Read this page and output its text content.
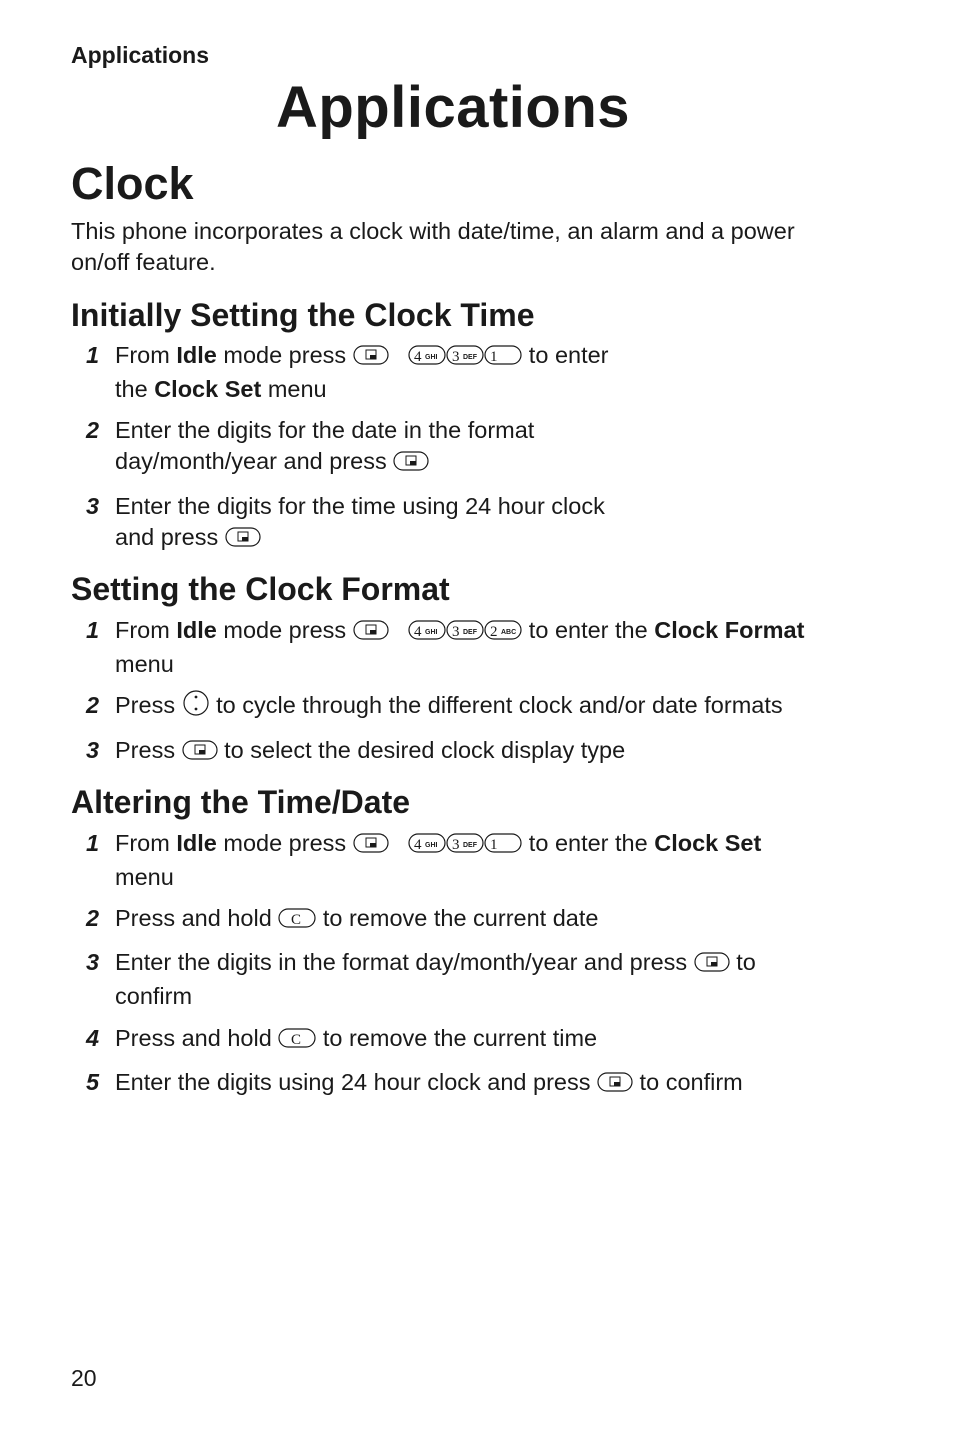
Applications
Applications
Clock

This phone incorporates a clock with date/time, an alarm and a power on/off feature.

Initially Setting the Clock Time
1 From Idle mode press	4 GHI 3 DEF 1 to enter the Clock Set menu
2 Enter the digits for the date in the format day/month/year and press
3 Enter the digits for the time using 24 hour clock and press
Setting the Clock Format
1 From Idle mode press	4 GHI 3 DEF 2 ABC to enter the Clock Format menu
2 Press  to cycle through the different clock and/or date formats
3 Press  to select the desired clock display type
Altering the Time/Date
1 From Idle mode press	4 GHI 3 DEF 1 to enter the Clock Set menu
2 Press and hold C to remove the current date
3 Enter the digits in the format day/month/year and press  to confirm
4 Press and hold C to remove the current time
5 Enter the digits using 24 hour clock and press  to confirm
20
